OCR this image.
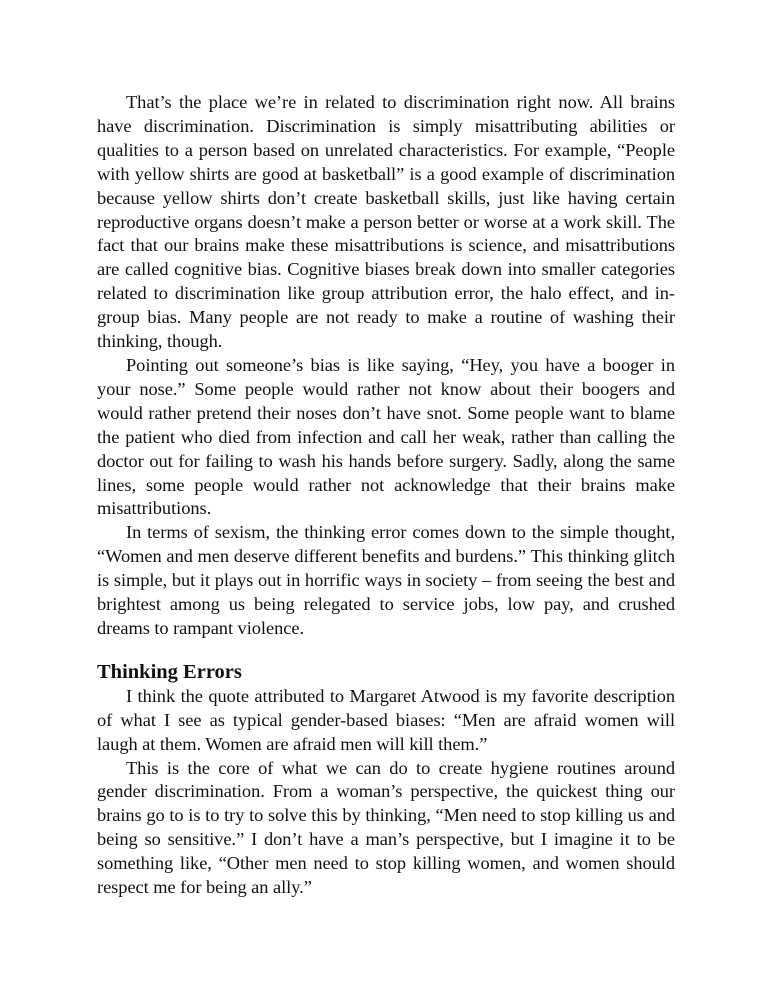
That’s the place we’re in related to discrimination right now. All brains have discrimination. Discrimination is simply misattributing abilities or qualities to a person based on unrelated characteristics. For example, “People with yellow shirts are good at basketball” is a good example of discrimination because yellow shirts don’t create basketball skills, just like having certain reproductive organs doesn’t make a person better or worse at a work skill. The fact that our brains make these misattributions is science, and misattributions are called cognitive bias. Cognitive biases break down into smaller categories related to discrimination like group attribution error, the halo effect, and in-group bias. Many people are not ready to make a routine of washing their thinking, though.

Pointing out someone’s bias is like saying, “Hey, you have a booger in your nose.” Some people would rather not know about their boogers and would rather pretend their noses don’t have snot. Some people want to blame the patient who died from infection and call her weak, rather than calling the doctor out for failing to wash his hands before surgery. Sadly, along the same lines, some people would rather not acknowledge that their brains make misattributions.

In terms of sexism, the thinking error comes down to the simple thought, “Women and men deserve different benefits and burdens.” This thinking glitch is simple, but it plays out in horrific ways in society – from seeing the best and brightest among us being relegated to service jobs, low pay, and crushed dreams to rampant violence.

Thinking Errors

I think the quote attributed to Margaret Atwood is my favorite description of what I see as typical gender-based biases: “Men are afraid women will laugh at them. Women are afraid men will kill them.”

This is the core of what we can do to create hygiene routines around gender discrimination. From a woman’s perspective, the quickest thing our brains go to is to try to solve this by thinking, “Men need to stop killing us and being so sensitive.” I don’t have a man’s perspective, but I imagine it to be something like, “Other men need to stop killing women, and women should respect me for being an ally.”
